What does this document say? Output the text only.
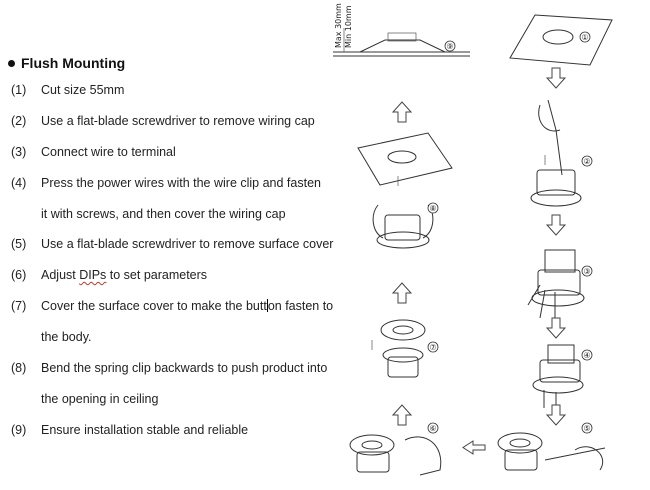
Flush Mounting
(1) Cut size 55mm
(2) Use a flat-blade screwdriver to remove wiring cap
(3) Connect wire to terminal
(4) Press the power wires with the wire clip and fasten
it with screws, and then cover the wiring cap
(5) Use a flat-blade screwdriver to remove surface cover
(6) Adjust DIPs to set parameters
(7) Cover the surface cover to make the button fasten to
the body.
(8) Bend the spring clip backwards to push product into
the opening in ceiling
(9) Ensure installation stable and reliable
Max 30mm Min 10mm	⑨
①
②
③
④
⑤
⑥
⑦
⑧
